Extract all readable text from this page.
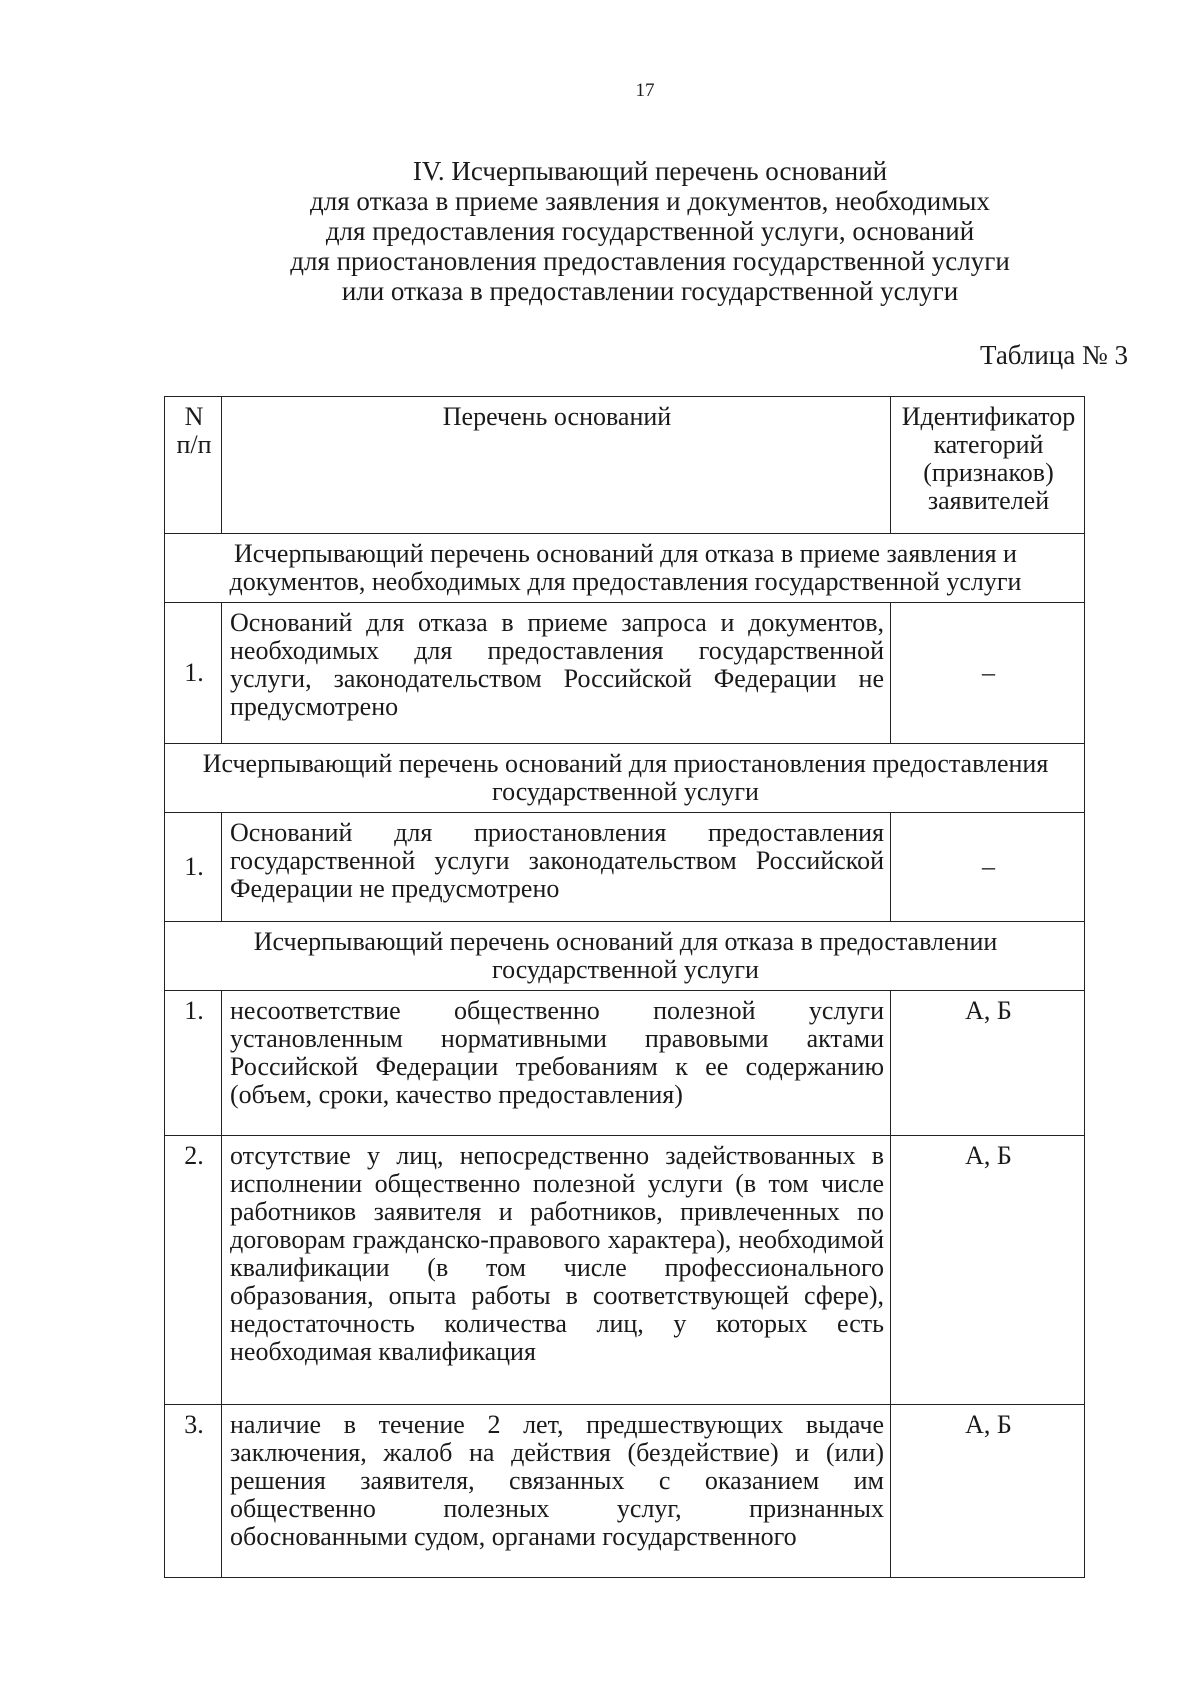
17
IV. Исчерпывающий перечень оснований
для отказа в приеме заявления и документов, необходимых
для предоставления государственной услуги, оснований
для приостановления предоставления государственной услуги
или отказа в предоставлении государственной услуги
Таблица № 3
N п/п	Перечень оснований	Идентификатор категорий (признаков) заявителей
Исчерпывающий перечень оснований для отказа в приеме заявления и документов, необходимых для предоставления государственной услуги		
1.	Оснований для отказа в приеме запроса и документов, необходимых для предоставления государственной услуги, законодательством Российской Федерации не предусмотрено	–
Исчерпывающий перечень оснований для приостановления предоставления государственной услуги		
1.	Оснований для приостановления предоставления государственной услуги законодательством Российской Федерации не предусмотрено	–
Исчерпывающий перечень оснований для отказа в предоставлении государственной услуги		
1.	несоответствие общественно полезной услуги установленным нормативными правовыми актами Российской Федерации требованиям к ее содержанию (объем, сроки, качество предоставления)	А, Б
2.	отсутствие у лиц, непосредственно задействованных в исполнении общественно полезной услуги (в том числе работников заявителя и работников, привлеченных по договорам гражданско-правового характера), необходимой квалификации (в том числе профессионального образования, опыта работы в соответствующей сфере), недостаточность количества лиц, у которых есть необходимая квалификация	А, Б
3.	наличие в течение 2 лет, предшествующих выдаче заключения, жалоб на действия (бездействие) и (или) решения заявителя, связанных с оказанием им общественно полезных услуг, признанных обоснованными судом, органами государственного	А, Б
